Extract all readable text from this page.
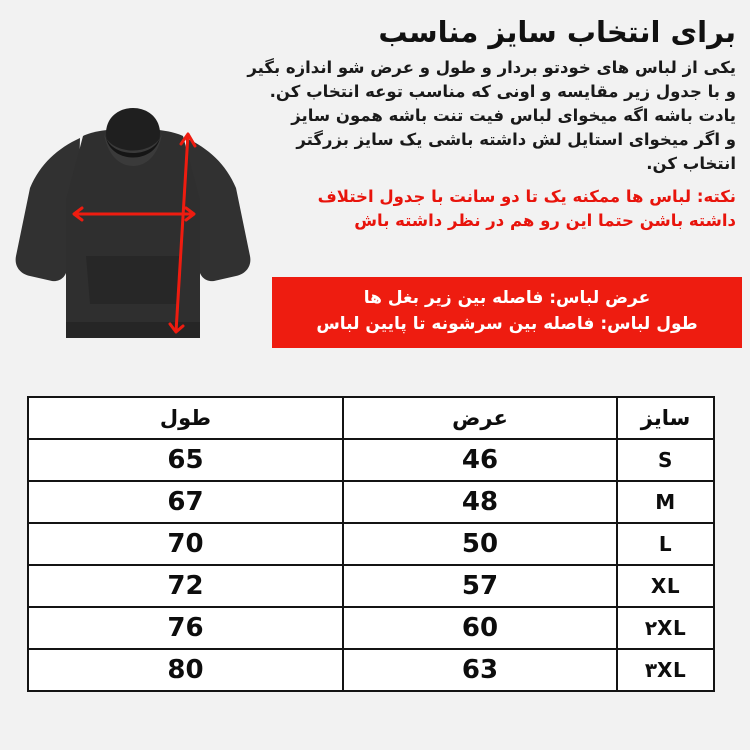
برای انتخاب سایز مناسب
یکی از لباس های خودتو بردار و طول و عرض شو اندازه بگیر
و با جدول زیر مقایسه و اونی که مناسب توعه انتخاب کن.
یادت باشه اگه میخوای لباس فیت تنت باشه همون سایز
و اگر میخوای استایل لش داشته باشی یک سایز بزرگتر
انتخاب کن.
نکته: لباس ها ممکنه یک تا دو سانت با جدول اختلاف
داشته باشن حتما این رو هم در نظر داشته باش
عرض لباس: فاصله بین زیر بغل ها
طول لباس: فاصله بین سرشونه تا پایین لباس
سایز	عرض	طول
S	46	65
M	48	67
L	50	70
XL	57	72
۲XL	60	76
۳XL	63	80
